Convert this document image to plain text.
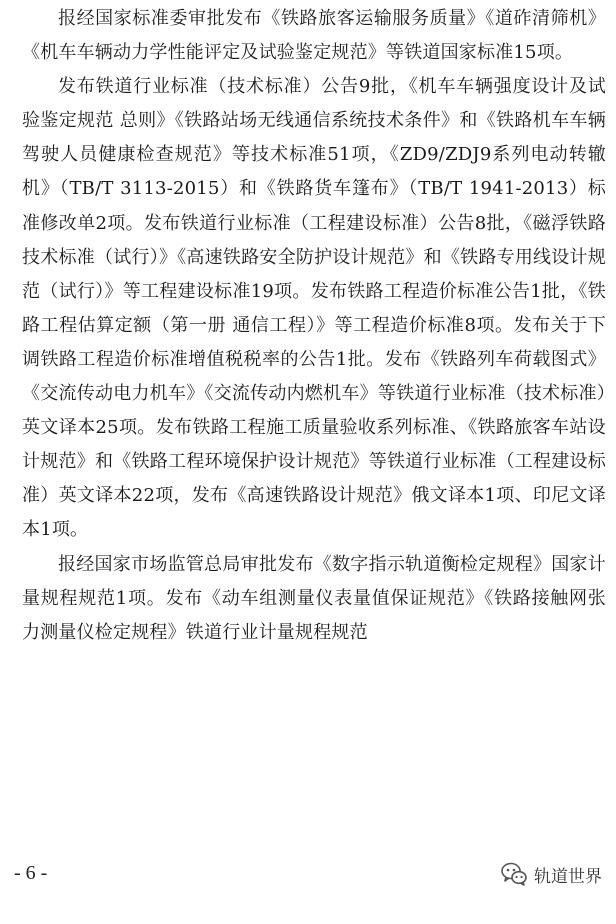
报经国家标准委审批发布《铁路旅客运输服务质量》《道砟清筛机》《机车车辆动力学性能评定及试验鉴定规范》等铁道国家标准15项。

发布铁道行业标准（技术标准）公告9批，《机车车辆强度设计及试验鉴定规范 总则》《铁路站场无线通信系统技术条件》和《铁路机车车辆驾驶人员健康检查规范》等技术标准51项，《ZD9/ZDJ9系列电动转辙机》（TB/T 3113-2015）和《铁路货车篷布》（TB/T 1941-2013）标准修改单2项。发布铁道行业标准（工程建设标准）公告8批，《磁浮铁路技术标准（试行）》《高速铁路安全防护设计规范》和《铁路专用线设计规范（试行）》等工程建设标准19项。发布铁路工程造价标准公告1批，《铁路工程估算定额（第一册 通信工程）》等工程造价标准8项。发布关于下调铁路工程造价标准增值税税率的公告1批。发布《铁路列车荷载图式》《交流传动电力机车》《交流传动内燃机车》等铁道行业标准（技术标准）英文译本25项。发布铁路工程施工质量验收系列标准、《铁路旅客车站设计规范》和《铁路工程环境保护设计规范》等铁道行业标准（工程建设标准）英文译本22项，发布《高速铁路设计规范》俄文译本1项、印尼文译本1项。

报经国家市场监管总局审批发布《数字指示轨道衡检定规程》国家计量规程规范1项。发布《动车组测量仪表量值保证规范》《铁路接触网张力测量仪检定规程》铁道行业计量规程规范

- 6 -	轨道世界
